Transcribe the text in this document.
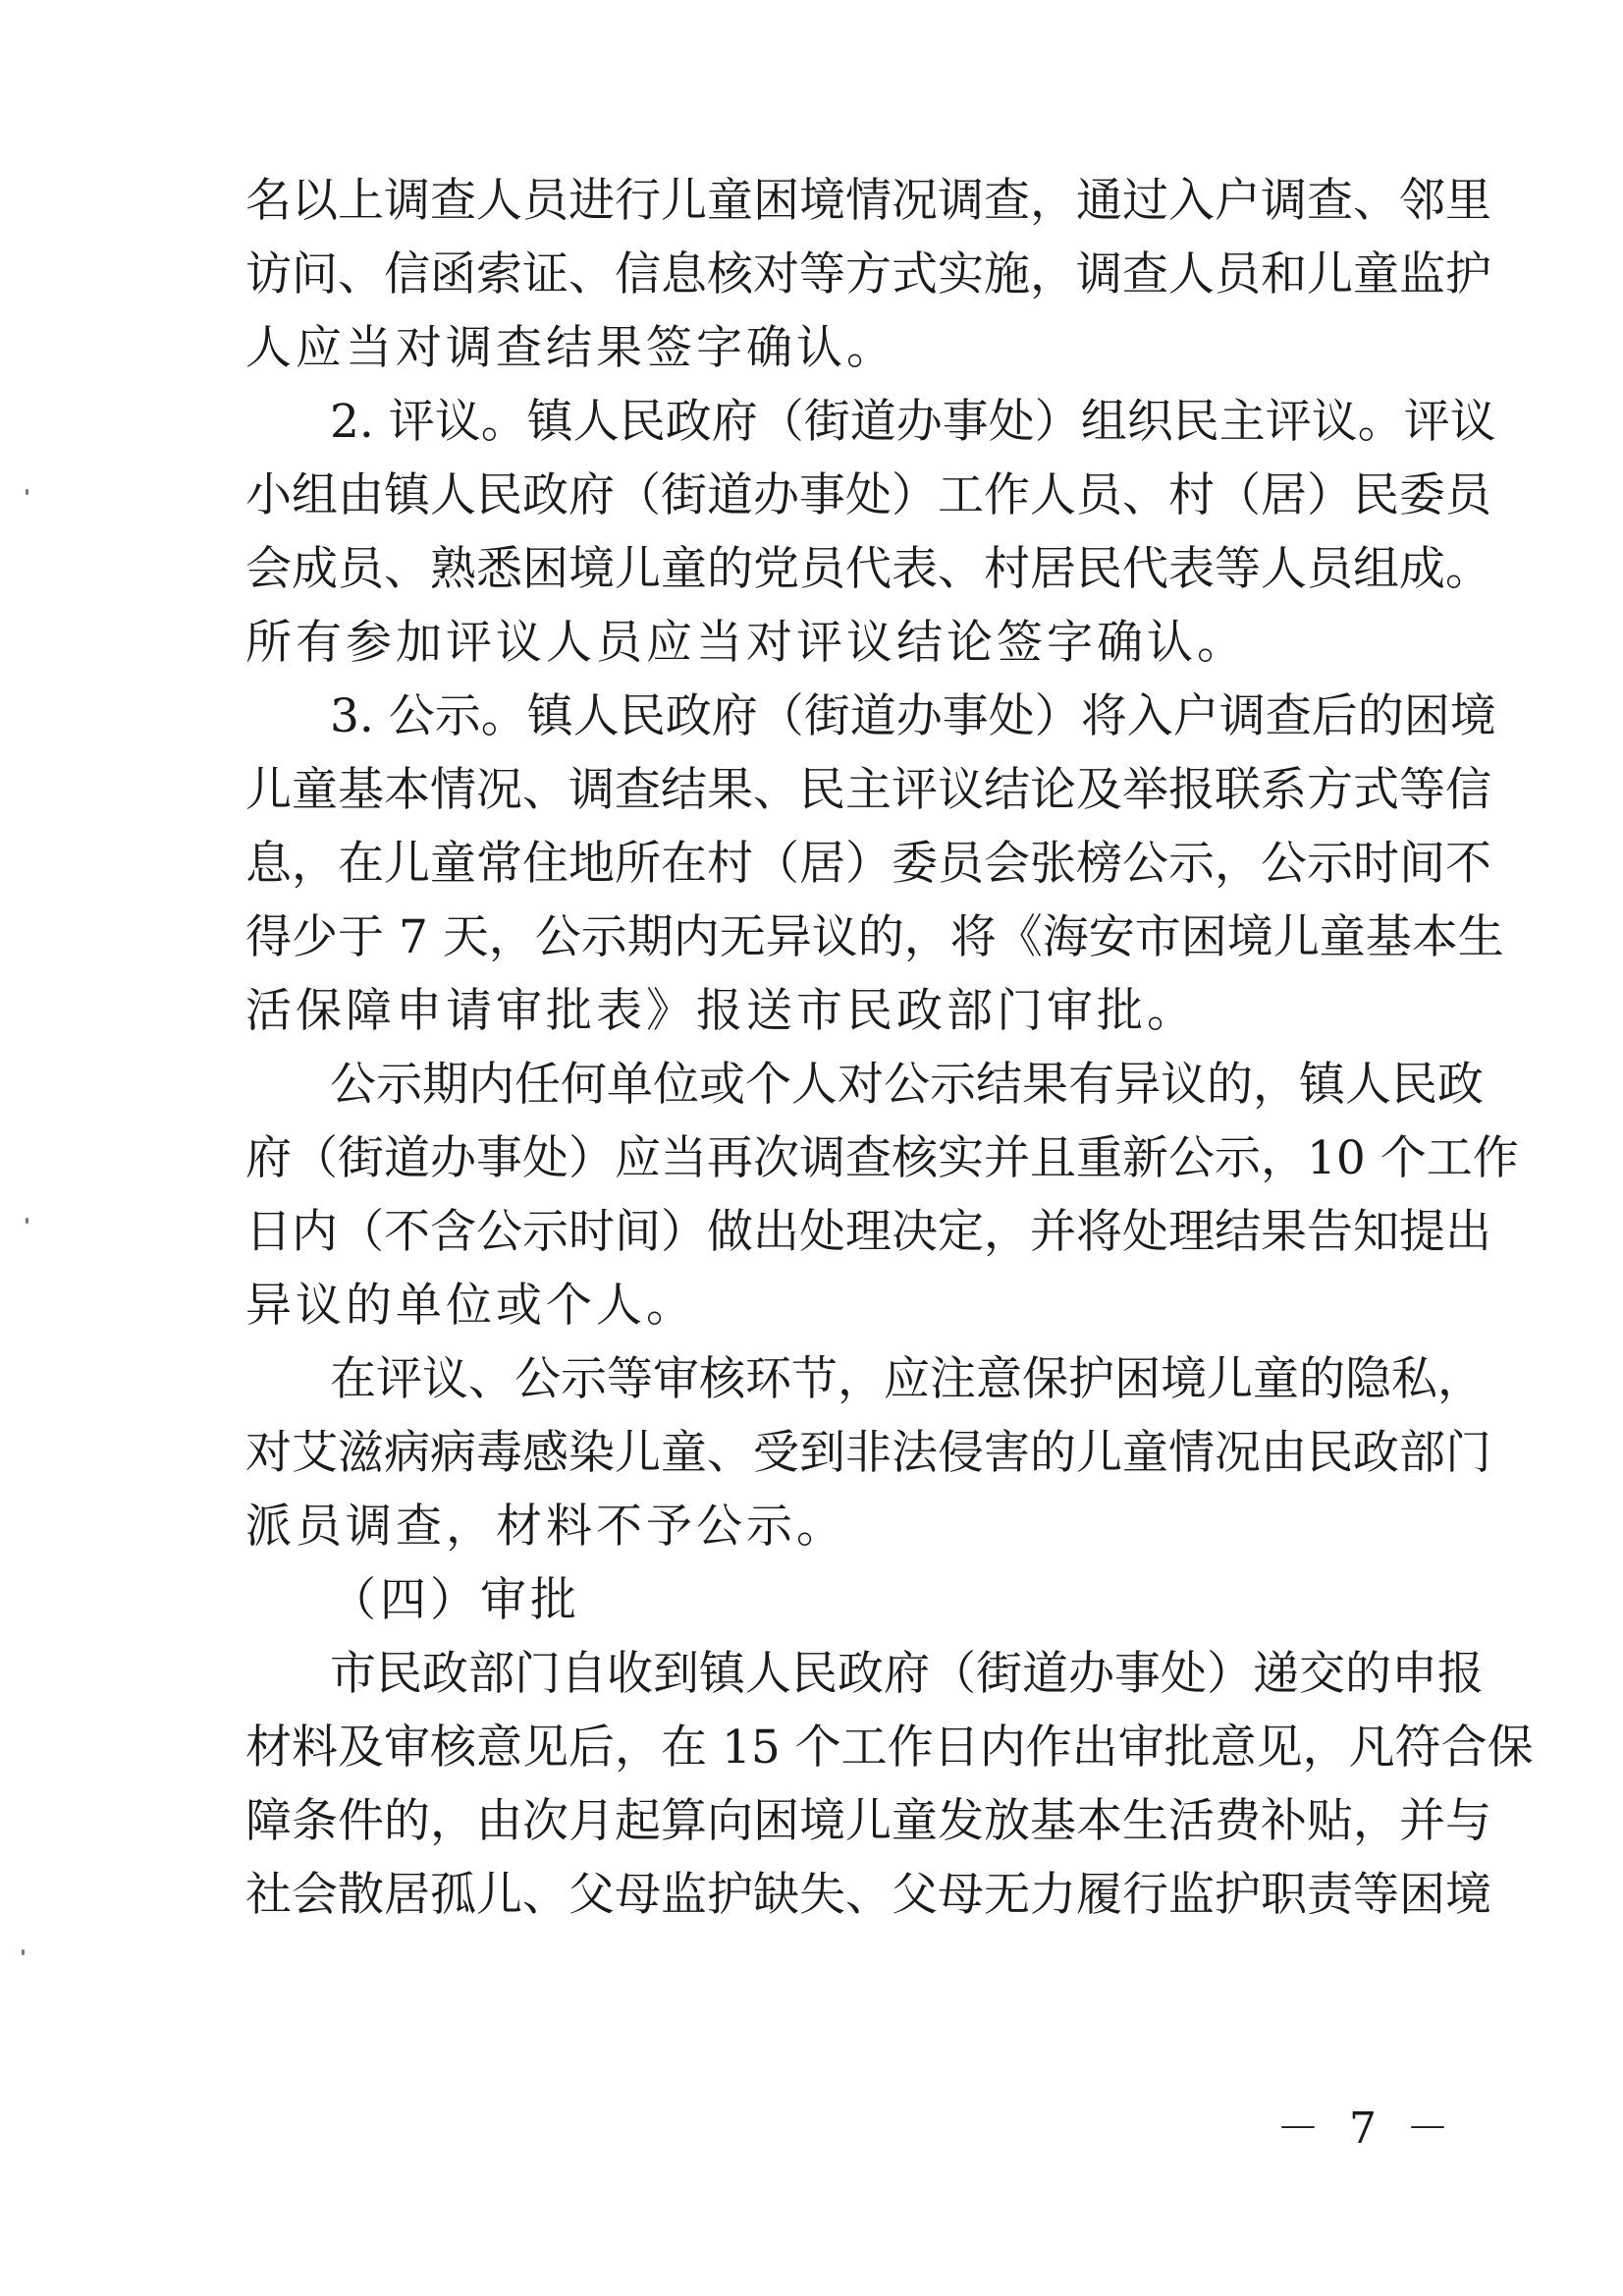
名以上调查人员进行儿童困境情况调查，通过入户调查、邻里
访问、信函索证、信息核对等方式实施，调查人员和儿童监护
人应当对调查结果签字确认。
2. 评议。镇人民政府（街道办事处）组织民主评议。评议
小组由镇人民政府（街道办事处）工作人员、村（居）民委员
会成员、熟悉困境儿童的党员代表、村居民代表等人员组成。
所有参加评议人员应当对评议结论签字确认。
3. 公示。镇人民政府（街道办事处）将入户调查后的困境
儿童基本情况、调查结果、民主评议结论及举报联系方式等信
息，在儿童常住地所在村（居）委员会张榜公示，公示时间不
得少于 7 天，公示期内无异议的，将《海安市困境儿童基本生
活保障申请审批表》报送市民政部门审批。
公示期内任何单位或个人对公示结果有异议的，镇人民政
府（街道办事处）应当再次调查核实并且重新公示，10 个工作
日内（不含公示时间）做出处理决定，并将处理结果告知提出
异议的单位或个人。
在评议、公示等审核环节，应注意保护困境儿童的隐私，
对艾滋病病毒感染儿童、受到非法侵害的儿童情况由民政部门
派员调查，材料不予公示。
（四）审批
市民政部门自收到镇人民政府（街道办事处）递交的申报
材料及审核意见后，在 15 个工作日内作出审批意见，凡符合保
障条件的，由次月起算向困境儿童发放基本生活费补贴，并与
社会散居孤儿、父母监护缺失、父母无力履行监护职责等困境
－ 7 －
